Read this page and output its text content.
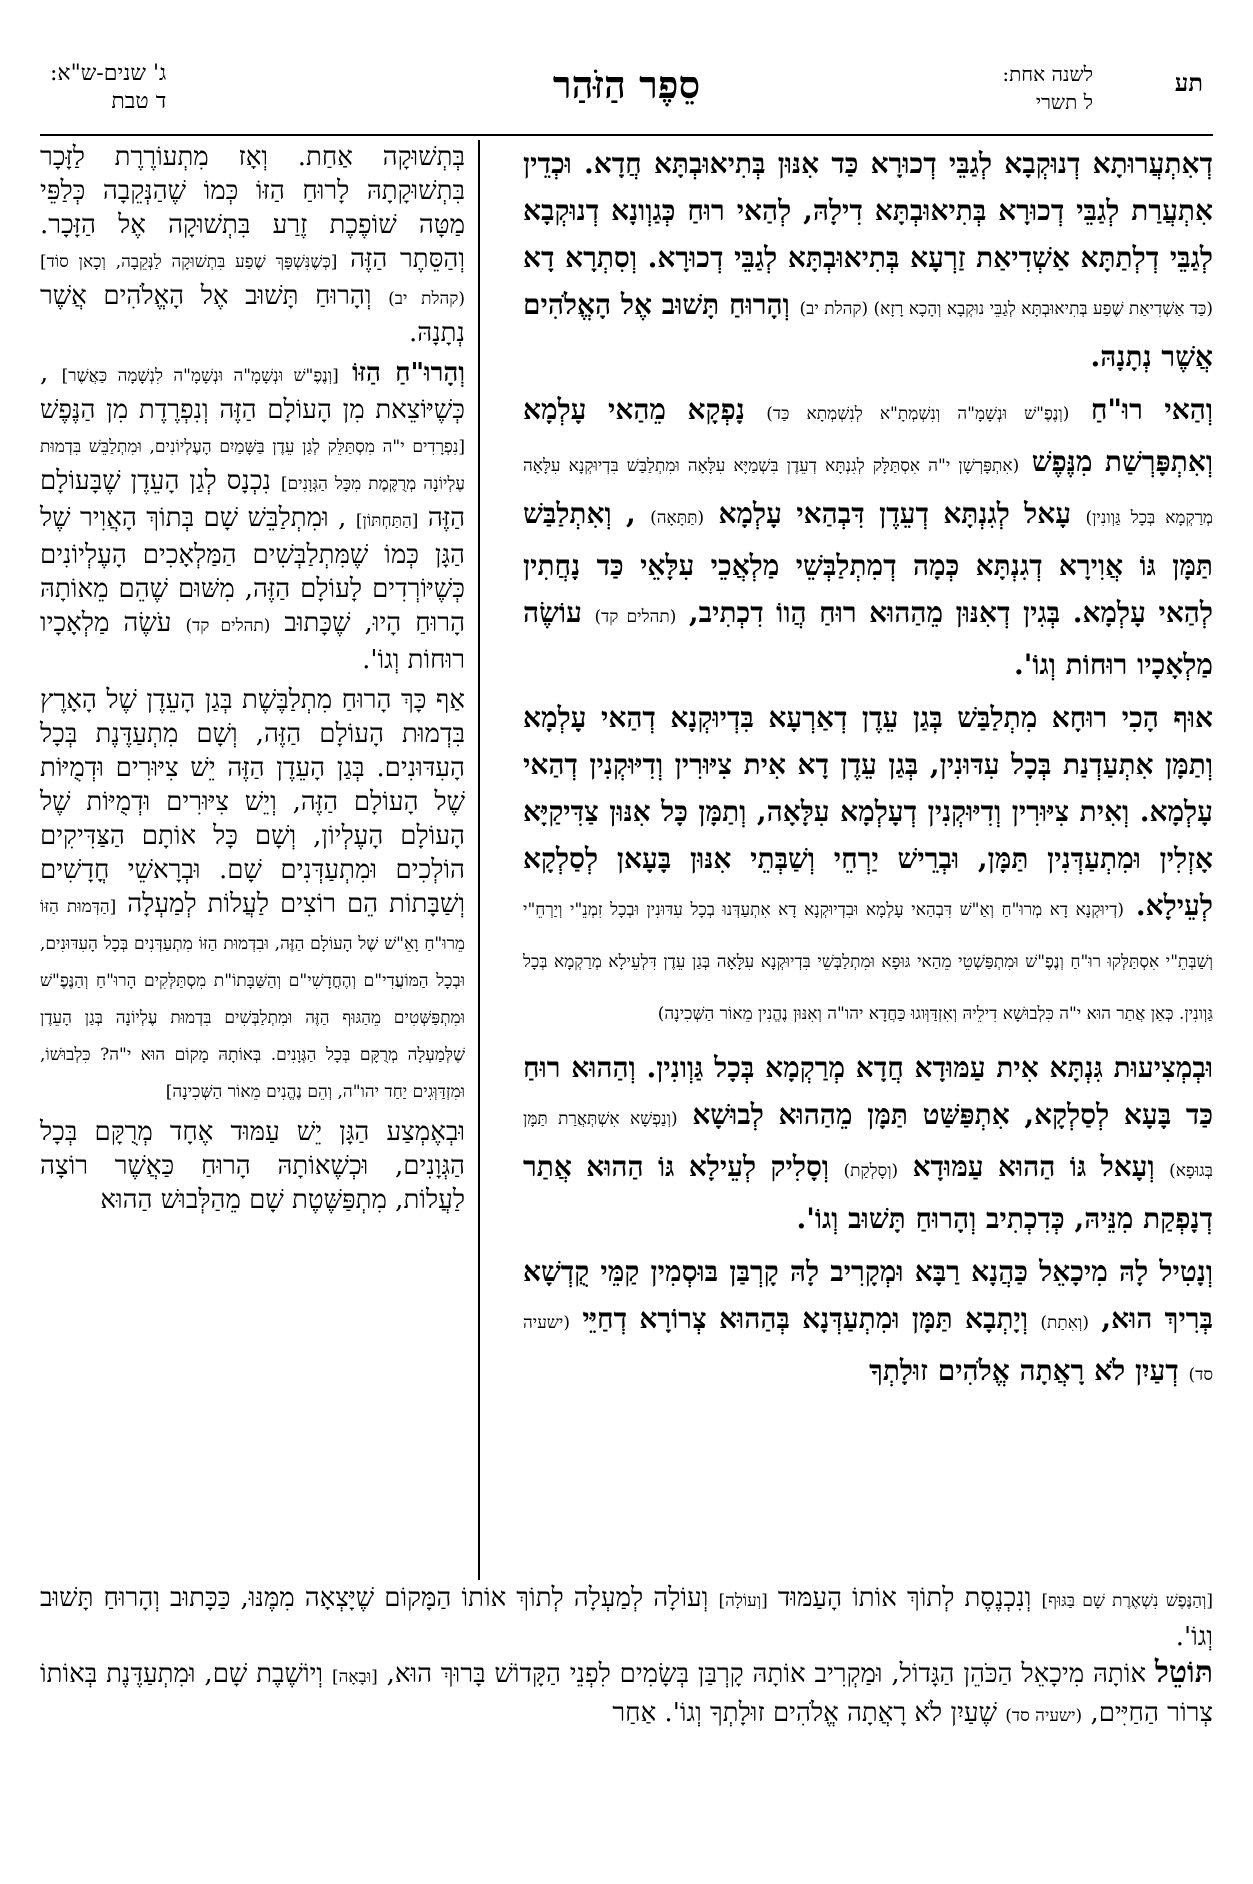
ג' שנים-ש"א:
ד טבת	סֵפֶר הַזֹּהַר	לשנה אחת:
ל תשרי
תע

דְאִתְעֲרוּתָא דְנוּקְבָא לְגַבֵּי דְכוּרָא כַּד אִנּוּן בְּתִיאוּבְתָּא חֲדָא. וּכְדֵין אִתְעֲרַת לְגַבֵּי דְכוּרָא בְּתִיאוּבְתָּא דִילָהּ, לְהַאי רוּחַ כְּגַוְונָא דְנוּקְבָא לְגַבֵּי דְלְתַתָּא אַשְׁדִיאַת זַרְעָא בְּתִיאוּבְתָּא לְגַבֵּי דְכוּרָא. וְסִתְרָא דָא (כַּד אַשְׁדִיאַת שֶׁפַע בְּתִיאוּבְתָּא לְגַבֵּי נוּקְבָא וְהָכָא רָזָא) (קהלת יב) וְהָרוּחַ תָּשׁוּב אֶל הָאֱלֹהִים אֲשֶׁר נְתָנָהּ.

וְהַאי רוּ"חַ (וְנֶפֶ"שׁ וּנְשָׁמָ"ה וְנִשְׁמְתָ"א לְנִשְׁמְתָא כַּד) נָפְקָא מֵהַאי עָלְמָא וְאִתְפָּרְשַׁת מִנֶּפֶשׁ (אִתְפָּרְשָׁן י"ה אִסְתַּלָּק לְגִנְתָּא דְעֵדֶן בִּשְׁמַיָּא עִלָּאָה וּמִתְלַבַּשׁ בִּדְיוּקְנָא עִלָּאָה מְרַקְמָא בְּכָל גַּוְונִין) עָאל לְגִנְתָּא דְעֵדֶן דִּבְהַאי עָלְמָא (תַּתָּאָה) , וְאִתְלַבַּשׁ תַּמָּן גּוֹ אֲוִירָא דְגִנְתָּא כְּמָה דְמִתְלַבְּשֵׁי מַלְאֲכֵי עִלָּאֵי כַּד נָחֲתִין לְהַאי עָלְמָא. בְּגִין דְאִנּוּן מֵהַהוּא רוּחַ הֲווֹ דִכְתִיב, (תהלים קד) עוֹשֶׂה מַלְאָכָיו רוּחוֹת וְגוֹ'.

אוּף הָכִי רוּחָא מִתְלַבַּשׁ בְּגַן עֵדֶן דְאַרְעָא בִּדְיוּקְנָא דְהַאי עָלְמָא וְתַמָּן אִתְעַדְנַת בְּכָל עִדּוּנִין, בְּגַן עֵדֶן דָא אִית צִיּוּרִין וְדִיּוּקְנִין דְהַאי עָלְמָא. וְאִית צִיּוּרִין וְדִיּוּקְנִין דְעָלְמָא עִלָּאָה, וְתַמָּן כָּל אִנּוּן צַדִּיקַיָּא אָזְלִין וּמִתְעַדְּנִין תַּמָּן, וּבְרֵישׁ יַרְחֵי וְשַׁבְּתֵי אִנּוּן בָּעָאן לְסַלְקָא לְעֵילָא. (דְיוּקְנָא דָא מְרוּ"חַ וְאַ"שׁ דִּבְהַאי עָלְמָא וּבִדְיוּקְנָא דָא אִתְעַדְּנוּ בְכָל עִדּוּנִין וּבְכָל זִמְנֵ"י וְיַרְחֵ"י וְשַׁבְּתֵ"י אִסְתַּלְּקוּ רוּ"חַ וְנֶפֶ"שׁ וּמִתְפַּשְׁטֵי מֵהַאי גּוּפָא וּמִתְלַבְּשֵׁי בִּדְיוּקְנָא עִלָּאָה בְּגַן עֵדֶן דִּלְעֵילָא מְרַקְמָא בְּכָל גַּוְונִין. כְּאַן אֲתַר הוּא י"ה כִּלְבוּשָׁא דִילֵיהּ וְאִזְדַּוְּוגוּ כַּחֲדָא יהו"ה וְאִנּוּן נֶהֱנִין מֵאוֹר הַשְּׁכִינָה)

וּבְמְצִיעוּת גִּנְתָּא אִית עַמּוּדָא חֲדָא מְרַקְמָא בְּכָל גַּוְונִין. וְהַהוּא רוּחַ כַּד בָּעָא לְסַלְקָא, אִתְפַּשַּׁט תַּמָּן מֵהַהוּא לְבוּשָׁא (וְנַפְשָׁא אִשְׁתְּאֲרַת תַּמָּן בְּגוּפָא) וְעָאל גּוֹ הַהוּא עַמּוּדָא (וְסָלְקַת) וְסָלִיק לְעֵילָא גּוֹ הַהוּא אֲתַר דְנָפְקַת מִנֵּיהּ, כְּדִכְתִיב וְהָרוּחַ תָּשׁוּב וְגוֹ'.

וְנָטִיל לָהּ מִיכָאֵל כַּהֲנָא רַבָּא וּמְקָרִיב לָהּ קָרְבַּן בּוּסְמִין קַמֵּי קֻדְשָׁא בְּרִיךְ הוּא, (וְאִתַת) וְיָתְבָא תַּמָּן וּמִתְעַדְּנָא בְּהַהוּא צְרוֹרָא דְחַיֵּי (ישעיה סד) דְעַיִן לֹא רָאֲתָה אֱלֹהִים זוּלָתְךָ

בְּתְשׁוּקָה אַחַת. וְאָז מִתְעוֹרֶרֶת לַזָּכָר בִּתְשׁוּקָתָהּ לָרוּחַ הַזּוֹ כְּמוֹ שֶׁהַנְּקֵבָה כְּלַפֵּי מַטָּה שׁוֹפֶכֶת זֶרַע בִּתְשׁוּקָה אֶל הַזָּכָר. וְהַסֵּתֶר הַזֶּה [כְּשֶׁנִּשְׁפָּךְ שֶׁפַע בִּתְשׁוּקָה לַנְּקֵבָה, וְכָאן סוֹד] (קהלת יב) וְהָרוּחַ תָּשׁוּב אֶל הָאֱלֹהִים אֲשֶׁר נְתָנָהּ.

וְהָרוּ"חַ הַזּוֹ [וְנֶפֶ"שׁ וּנְשָׁמָ"ה וּנְשָׁמָ"ה לִנְשָׁמָה כַּאֲשֶׁר] , כְּשֶׁיּוֹצֵאת מִן הָעוֹלָם הַזֶּה וְנִפְרֶדֶת מִן הַנֶּפֶשׁ [נִפְרָדִים י"ה מִסְתַּלֵּק לְגַן עֵדֶן בַּשָּׁמַיִם הָעֶלְיוֹנִים, וּמִתְלַבֵּשׁ בִּדְמוּת עֶלְיוֹנָה מְרֻקֶּמֶת מִכָּל הַגְּוָנִים] נִכְנָס לְגַן הָעֵדֶן שֶׁבָּעוֹלָם הַזֶּה [הַתַּחְתּוֹן] , וּמִתְלַבֵּשׁ שָׁם בְּתוֹךְ הָאֲוִיר שֶׁל הַגָּן כְּמוֹ שֶׁמִּתְלַבְּשִׁים הַמַּלְאָכִים הָעֶלְיוֹנִים כְּשֶׁיּוֹרְדִים לָעוֹלָם הַזֶּה, מִשּׁוּם שֶׁהֵם מֵאוֹתָהּ הָרוּחַ הָיוּ, שֶׁכָּתוּב (תהלים קד) עֹשֶׂה מַלְאָכָיו רוּחוֹת וְגוֹ'.

אַף כָּךְ הָרוּחַ מִתְלַבֶּשֶׁת בְּגַן הָעֵדֶן שֶׁל הָאָרֶץ בִּדְמוּת הָעוֹלָם הַזֶּה, וְשָׁם מִתְעַדֶּנֶת בְּכָל הָעִדּוּנִים. בְּגַן הָעֵדֶן הַזֶּה יֵשׁ צִיּוּרִים וּדְמֻיּוֹת שֶׁל הָעוֹלָם הַזֶּה, וְיֵשׁ צִיּוּרִים וּדְמֻיּוֹת שֶׁל הָעוֹלָם הָעֶלְיוֹן, וְשָׁם כָּל אוֹתָם הַצַּדִּיקִים הוֹלְכִים וּמִתְעַדְּנִים שָׁם. וּבְרָאשֵׁי חֳדָשִׁים וְשַׁבָּתוֹת הֵם רוֹצִים לַעֲלוֹת לְמַעְלָה [הַדְּמוּת הַזּוֹ מֵרוּ"חַ וָאֵ"שׁ שֶׁל הָעוֹלָם הַזֶּה, וּבִדְמוּת הַזּוֹ מִתְעַדְּנִים בְּכָל הָעִדּוּנִים, וּבְכָל הַמּוֹעֲדִי"ם וְהֶחֳדָשִׁי"ם וְהַשַּׁבָּתוֹ"ת מִסְתַּלְּקִים הָרוּ"חַ וְהַנֶּפֶ"שׁ וּמִתְפַּשְּׁטִים מֵהַגּוּף הַזֶּה וּמִתְלַבְּשִׁים בִּדְמוּת עֶלְיוֹנָה בְּגַן הָעֵדֶן שֶׁלְּמַעְלָה מְרֻקָּם בְּכָל הַגְּוָנִים. בְּאוֹתָהּ מָקוֹם הוּא י"ה? כִּלְבוּשׁוֹ, וּמִזְדַּוְּגִים יַחַד יהו"ה, וְהֵם נֶהֱנִים מֵאוֹר הַשְּׁכִינָה]

וּבְאֶמְצַע הַגָּן יֵשׁ עַמּוּד אֶחָד מְרֻקָּם בְּכָל הַגְּוָנִים, וּכְשֶׁאוֹתָהּ הָרוּחַ כַּאֲשֶׁר רוֹצָה לַעֲלוֹת, מִתְפַּשֶּׁטֶת שָׁם מֵהַלְּבוּשׁ הַהוּא

[וְהַנֶּפֶשׁ נִשְׁאֶרֶת שָׁם בַּגּוּף] וְנִכְנֶסֶת לְתוֹךְ אוֹתוֹ הָעַמּוּד [וְעוֹלָה] וְעוֹלָה לְמַעְלָה לְתוֹךְ אוֹתוֹ הַמָּקוֹם שֶׁיָּצְאָה מִמֶּנּוּ, כַּכָּתוּב וְהָרוּחַ תָּשׁוּב וְגוֹ'.
תּוֹטֵל אוֹתָהּ מִיכָאֵל הַכֹּהֵן הַגָּדוֹל, וּמַקְרִיב אוֹתָהּ קָרְבַּן בְּשָׂמִים לִפְנֵי הַקָּדוֹשׁ בָּרוּךְ הוּא, [וּבָאָה] וְיוֹשֶׁבֶת שָׁם, וּמִתְעַדֶּנֶת בְּאוֹתוֹ צְרוֹר הַחַיִּים, (ישעיה סד) שֶׁעַיִן לֹא רָאֲתָה אֱלֹהִים זוּלָתְךָ וְגוֹ'. אַחַר
